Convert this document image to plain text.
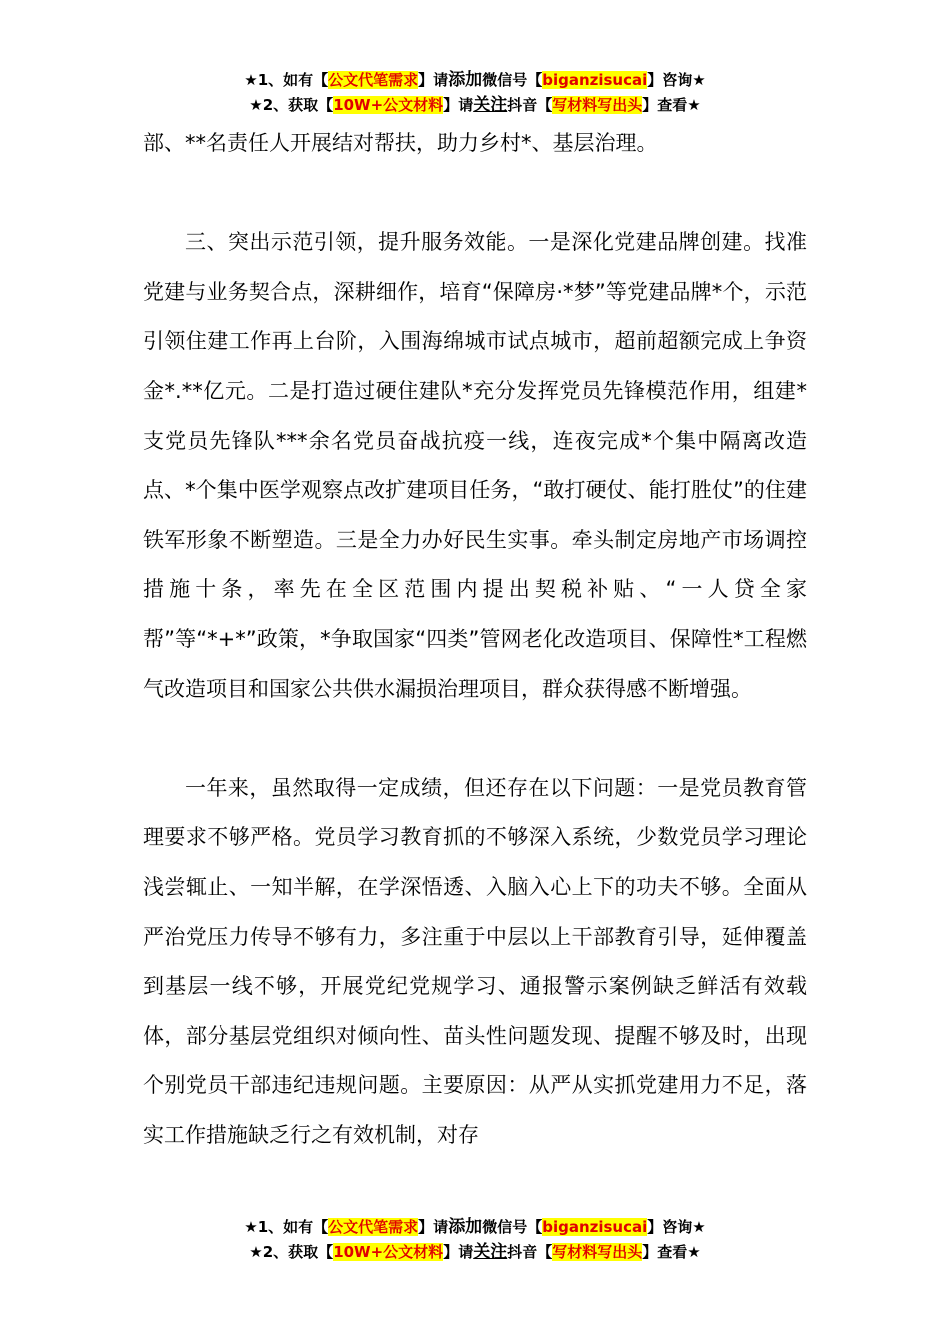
★1、如有【公文代笔需求】请添加微信号【biganzisucai】咨询★
★2、获取【10W+公文材料】请关注抖音【写材料写出头】查看★

部、**名责任人开展结对帮扶，助力乡村*、基层治理。

三、突出示范引领，提升服务效能。一是深化党建品牌创建。找准党建与业务契合点，深耕细作，培育“保障房·*梦”等党建品牌*个，示范引领住建工作再上台阶，入围海绵城市试点城市，超前超额完成上争资金*.**亿元。二是打造过硬住建队*充分发挥党员先锋模范作用，组建*支党员先锋队***余名党员奋战抗疫一线，连夜完成*个集中隔离改造点、*个集中医学观察点改扩建项目任务，“敢打硬仗、能打胜仗”的住建铁军形象不断塑造。三是全力办好民生实事。牵头制定房地产市场调控措施十条，率先在全区范围内提出契税补贴、“一人贷全家帮”等“*+*”政策，*争取国家“四类”管网老化改造项目、保障性*工程燃气改造项目和国家公共供水漏损治理项目，群众获得感不断增强。

一年来，虽然取得一定成绩，但还存在以下问题：一是党员教育管理要求不够严格。党员学习教育抓的不够深入系统，少数党员学习理论浅尝辄止、一知半解，在学深悟透、入脑入心上下的功夫不够。全面从严治党压力传导不够有力，多注重于中层以上干部教育引导，延伸覆盖到基层一线不够，开展党纪党规学习、通报警示案例缺乏鲜活有效载体，部分基层党组织对倾向性、苗头性问题发现、提醒不够及时，出现个别党员干部违纪违规问题。主要原因：从严从实抓党建用力不足，落实工作措施缺乏行之有效机制，对存

★1、如有【公文代笔需求】请添加微信号【biganzisucai】咨询★
★2、获取【10W+公文材料】请关注抖音【写材料写出头】查看★
